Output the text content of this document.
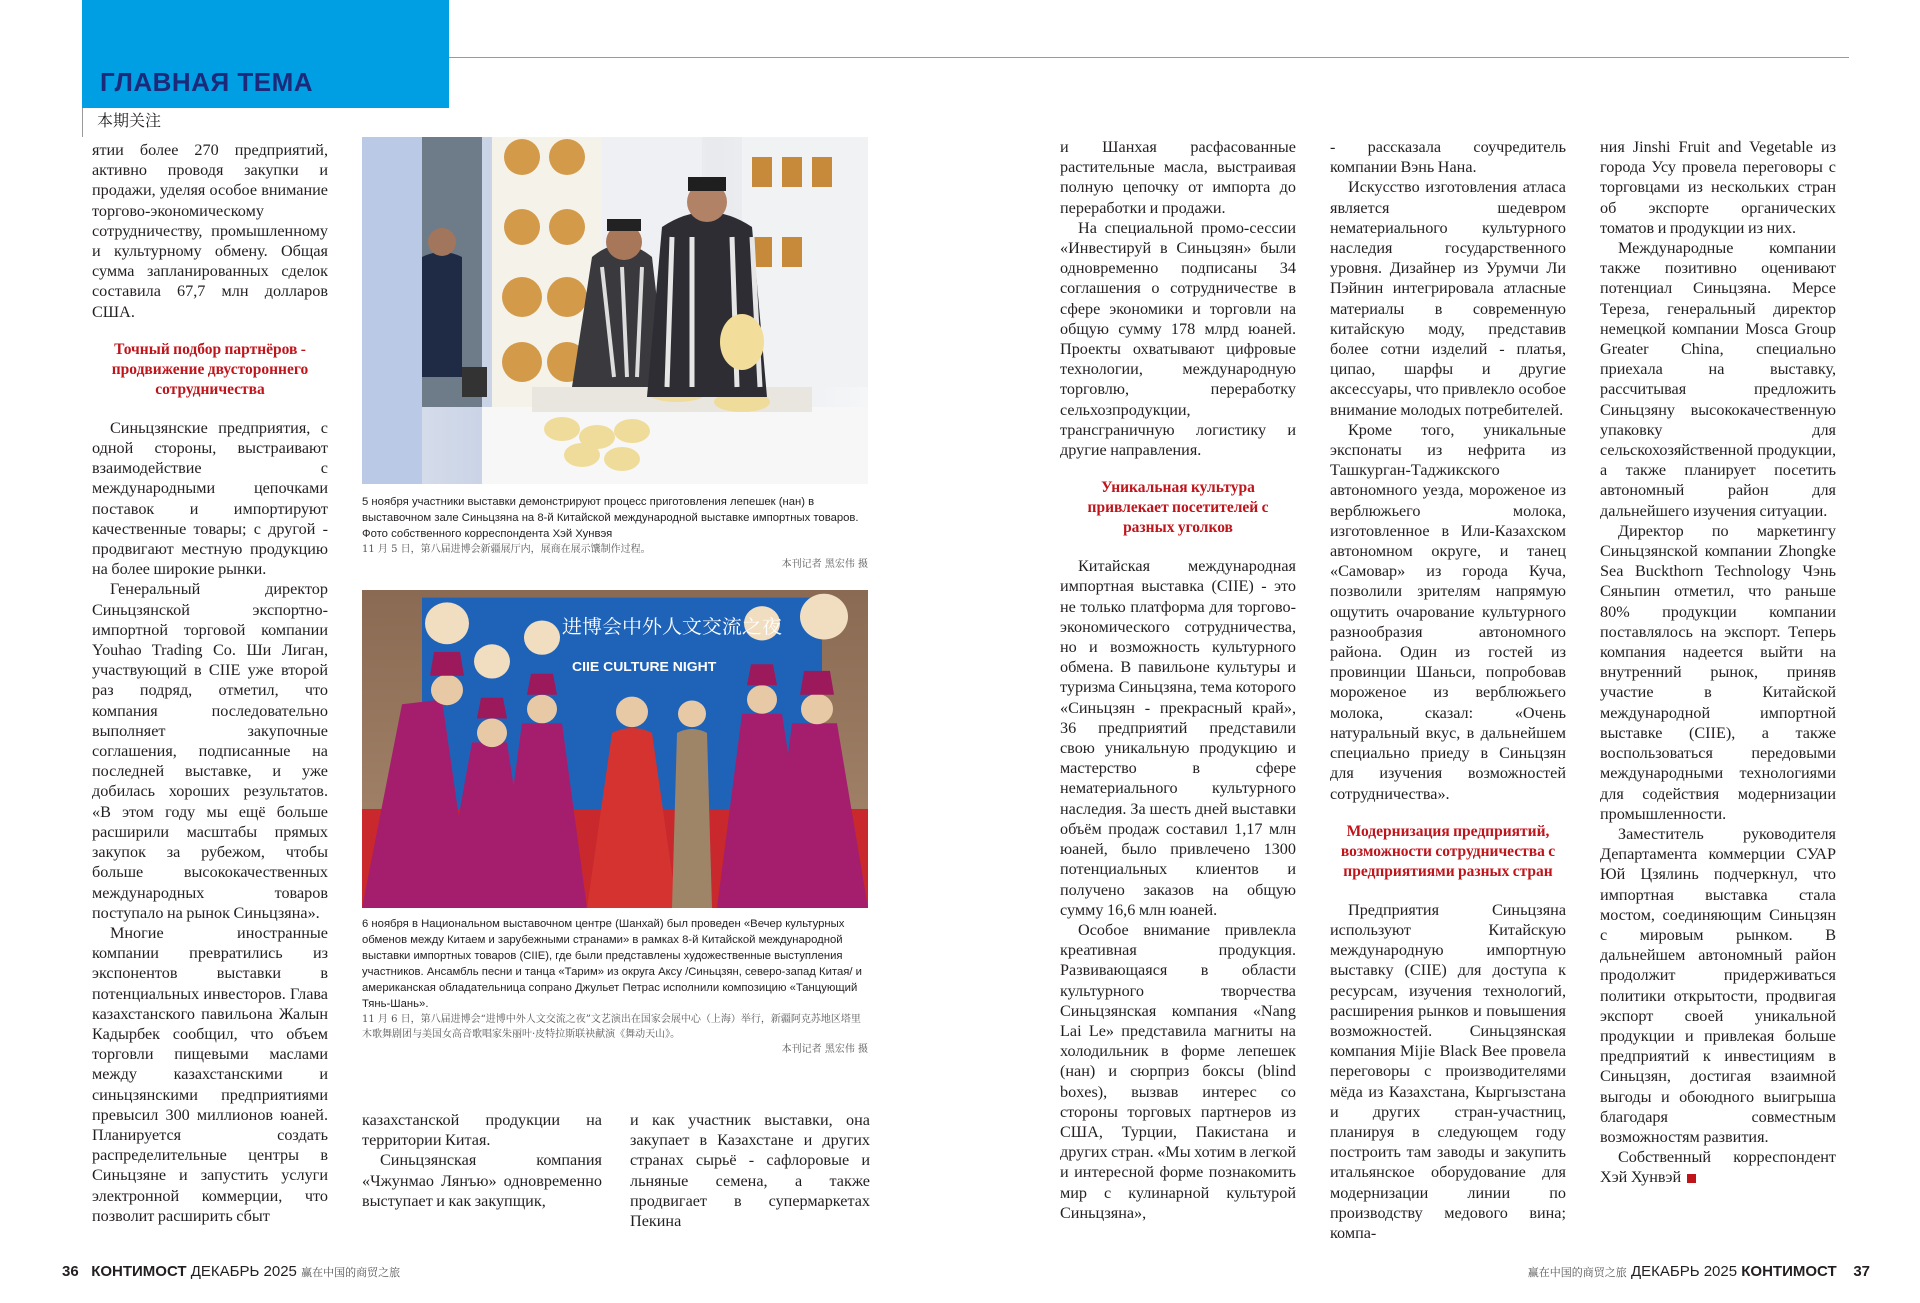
ГЛАВНАЯ ТЕМА
本期关注

ятии более 270 предприятий, активно проводя закупки и продажи, уделяя особое внимание торгово-экономическому сотрудничеству, промышленному и культурному обмену. Общая сумма запланированных сделок составила 67,7 млн долларов США.

Точный подбор партнёров - продвижение двустороннего сотрудничества

Синьцзянские предприятия, с одной стороны, выстраивают взаимодействие с международными цепочками поставок и импортируют качественные товары; с другой - продвигают местную продукцию на более широкие рынки.

Генеральный директор Синьцзянской экспортно-импортной торговой компании Youhao Trading Co. Ши Лиган, участвующий в CIIE уже второй раз подряд, отметил, что компания последовательно выполняет закупочные соглашения, подписанные на последней выставке, и уже добилась хороших результатов. «В этом году мы ещё больше расширили масштабы прямых закупок за рубежом, чтобы больше высококачественных международных товаров поступало на рынок Синьцзяна».

Многие иностранные компании превратились из экспонентов выставки в потенциальных инвесторов. Глава казахстанского павильона Жалын Кадырбек сообщил, что объем торговли пищевыми маслами между казахстанскими и синьцзянскими предприятиями превысил 300 миллионов юаней. Планируется создать распределительные центры в Синьцзяне и запустить услуги электронной коммерции, что позволит расширить сбыт

казахстанской продукции на территории Китая.

Синьцзянская компания «Чжунмао Лянъю» одновременно выступает и как закупщик,

и как участник выставки, она закупает в Казахстане и других странах сырьё - сафлоровые и льняные семена, а также продвигает в супермаркетах Пекина

и Шанхая расфасованные растительные масла, выстраивая полную цепочку от импорта до переработки и продажи.

На специальной промо-сессии «Инвестируй в Синьцзян» были одновременно подписаны 34 соглашения о сотрудничестве в сфере экономики и торговли на общую сумму 178 млрд юаней. Проекты охватывают цифровые технологии, международную торговлю, переработку сельхозпродукции, трансграничную логистику и другие направления.

Уникальная культура привлекает посетителей с разных уголков

Китайская международная импортная выставка (CIIE) - это не только платформа для торгово-экономического сотрудничества, но и возможность культурного обмена. В павильоне культуры и туризма Синьцзяна, тема которого «Синьцзян - прекрасный край», 36 предприятий представили свою уникальную продукцию и мастерство в сфере нематериального культурного наследия. За шесть дней выставки объём продаж составил 1,17 млн юаней, было привлечено 1300 потенциальных клиентов и получено заказов на общую сумму 16,6 млн юаней.

Особое внимание привлекла креативная продукция. Развивающаяся в области культурного творчества Синьцзянская компания «Nang Lai Le» представила магниты на холодильник в форме лепешек (нан) и сюрприз боксы (blind boxes), вызвав интерес со стороны торговых партнеров из США, Турции, Пакистана и других стран. «Мы хотим в легкой и интересной форме познакомить мир с кулинарной культурой Синьцзяна»,

- рассказала соучредитель компании Вэнь Нана.

Искусство изготовления атласа является шедевром нематериального культурного наследия государственного уровня. Дизайнер из Урумчи Ли Пэйнин интегрировала атласные материалы в современную китайскую моду, представив более сотни изделий - платья, ципао, шарфы и другие аксессуары, что привлекло особое внимание молодых потребителей.

Кроме того, уникальные экспонаты из нефрита из Ташкурган-Таджикского автономного уезда, мороженое из верблюжьего молока, изготовленное в Или-Казахском автономном округе, и танец «Самовар» из города Куча, позволили зрителям напрямую ощутить очарование культурного разнообразия автономного района. Один из гостей из провинции Шаньси, попробовав мороженое из верблюжьего молока, сказал: «Очень натуральный вкус, в дальнейшем специально приеду в Синьцзян для изучения возможностей сотрудничества».

Модернизация предприятий, возможности сотрудничества с предприятиями разных стран

Предприятия Синьцзяна используют Китайскую международную импортную выставку (CIIE) для доступа к ресурсам, изучения технологий, расширения рынков и повышения возможностей. Синьцзянская компания Mijie Black Bee провела переговоры с производителями мёда из Казахстана, Кыргызстана и других стран-участниц, планируя в следующем году построить там заводы и закупить итальянское оборудование для модернизации линии по производству медового вина; компа-

ния Jinshi Fruit and Vegetable из города Усу провела переговоры с торговцами из нескольких стран об экспорте органических томатов и продукции из них.

Международные компании также позитивно оценивают потенциал Синьцзяна. Мерсе Тереза, генеральный директор немецкой компании Mosca Group Greater China, специально приехала на выставку, рассчитывая предложить Синьцзяну высококачественную упаковку для сельскохозяйственной продукции, а также планирует посетить автономный район для дальнейшего изучения ситуации.

Директор по маркетингу Синьцзянской компании Zhongke Sea Buckthorn Technology Чэнь Сяньпин отметил, что раньше 80% продукции компании поставлялось на экспорт. Теперь компания надеется выйти на внутренний рынок, приняв участие в Китайской международной импортной выставке (CIIE), а также воспользоваться передовыми международными технологиями для содействия модернизации промышленности.

Заместитель руководителя Департамента коммерции СУАР Юй Цзялинь подчеркнул, что импортная выставка стала мостом, соединяющим Синьцзян с мировым рынком. В дальнейшем автономный район продолжит придерживаться политики открытости, продвигая экспорт своей уникальной продукции и привлекая больше предприятий к инвестициям в Синьцзян, достигая взаимной выгоды и обоюдного выигрыша благодаря совместным возможностям развития.

Собственный корреспондент Хэй Хунвэй

5 ноября участники выставки демонстрируют процесс приготовления лепешек (нан) в выставочном зале Синьцзяна на 8-й Китайской международной выставке импортных товаров. Фото собственного корреспондента Хэй Хунвэя
11 月 5 日，第八届进博会新疆展厅内，展商在展示馕制作过程。
本刊记者 黑宏伟 摄
进博会中外人文交流之夜
CIIE CULTURE NIGHT
6 ноября в Национальном выставочном центре (Шанхай) был проведен «Вечер культурных обменов между Китаем и зарубежными странами» в рамках 8-й Китайской международной выставки импортных товаров (CIIE), где были представлены художественные выступления участников. Ансамбль песни и танца «Тарим» из округа Аксу /Синьцзян, северо-запад Китая/ и американская обладательница сопрано Джульет Петрас исполнили композицию «Танцующий Тянь-Шань».
11 月 6 日，第八届进博会“进博中外人文交流之夜”文艺演出在国家会展中心（上海）举行，新疆阿克苏地区塔里木歌舞剧团与美国女高音歌唱家朱丽叶·皮特拉斯联袂献演《舞动天山》。
本刊记者 黑宏伟 摄
36 КОНТИМОСТ ДЕКАБРЬ 2025 赢在中国的商贸之旅	赢在中国的商贸之旅 ДЕКАБРЬ 2025 КОНТИМОСТ 37
